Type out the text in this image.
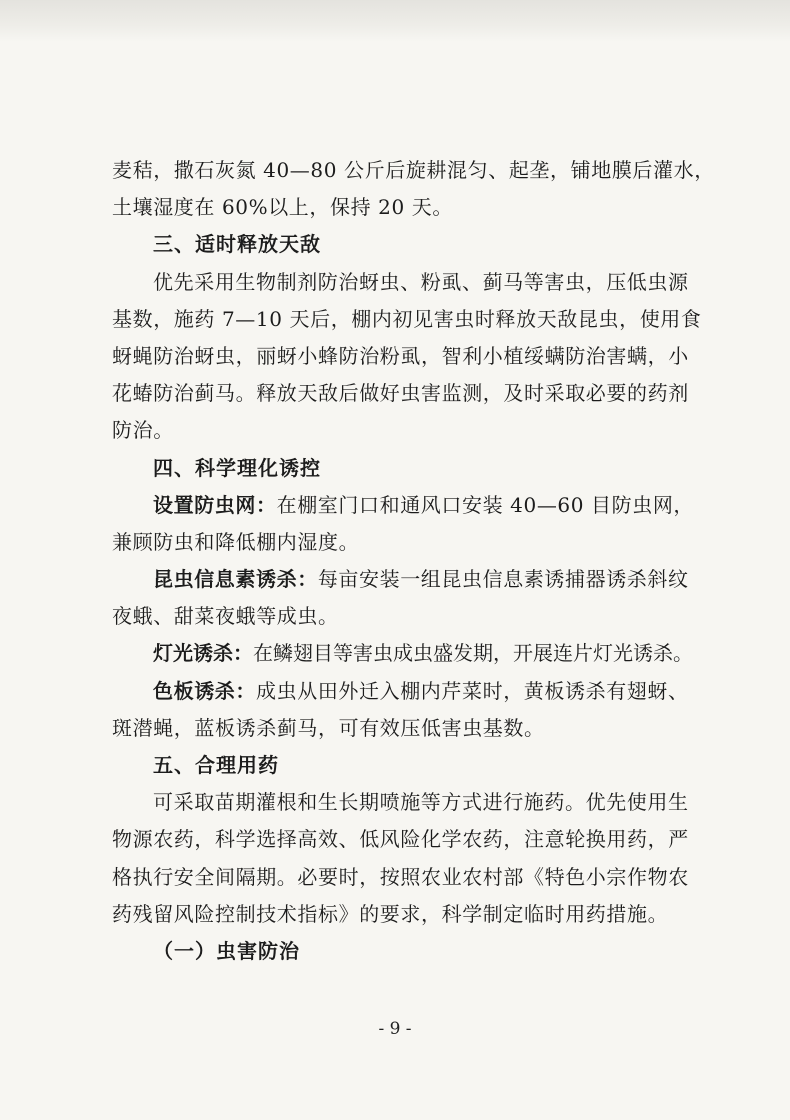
麦秸，撒石灰氮 40—80 公斤后旋耕混匀、起垄，铺地膜后灌水，
土壤湿度在 60%以上，保持 20 天。
三、适时释放天敌
优先采用生物制剂防治蚜虫、粉虱、蓟马等害虫，压低虫源
基数，施药 7—10 天后，棚内初见害虫时释放天敌昆虫，使用食
蚜蝇防治蚜虫，丽蚜小蜂防治粉虱，智利小植绥螨防治害螨，小
花蝽防治蓟马。释放天敌后做好虫害监测，及时采取必要的药剂
防治。
四、科学理化诱控
设置防虫网：在棚室门口和通风口安装 40—60 目防虫网，
兼顾防虫和降低棚内湿度。
昆虫信息素诱杀：每亩安装一组昆虫信息素诱捕器诱杀斜纹
夜蛾、甜菜夜蛾等成虫。
灯光诱杀：在鳞翅目等害虫成虫盛发期，开展连片灯光诱杀。
色板诱杀：成虫从田外迁入棚内芹菜时，黄板诱杀有翅蚜、
斑潜蝇，蓝板诱杀蓟马，可有效压低害虫基数。
五、合理用药
可采取苗期灌根和生长期喷施等方式进行施药。优先使用生
物源农药，科学选择高效、低风险化学农药，注意轮换用药，严
格执行安全间隔期。必要时，按照农业农村部《特色小宗作物农
药残留风险控制技术指标》的要求，科学制定临时用药措施。
（一）虫害防治
- 9 -
